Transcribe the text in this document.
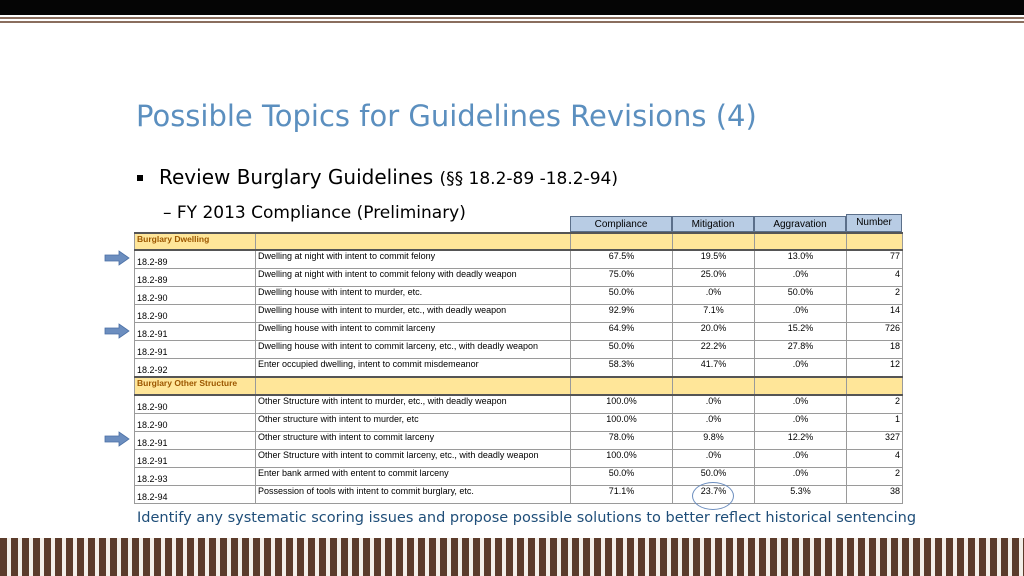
Possible Topics for Guidelines Revisions (4)
Review Burglary Guidelines (§§ 18.2-89 -18.2-94)
– FY 2013 Compliance (Preliminary)
Compliance	Mitigation	Aggravation	Number
Burglary Dwelling					
18.2-89	Dwelling at night with intent to commit felony	67.5%	19.5%	13.0%	77
18.2-89	Dwelling at night with intent to commit felony with deadly weapon	75.0%	25.0%	.0%	4
18.2-90	Dwelling house with intent to murder, etc.	50.0%	.0%	50.0%	2
18.2-90	Dwelling house with intent to murder, etc., with deadly weapon	92.9%	7.1%	.0%	14
18.2-91	Dwelling house with intent to commit larceny	64.9%	20.0%	15.2%	726
18.2-91	Dwelling house with intent to commit larceny, etc., with deadly weapon	50.0%	22.2%	27.8%	18
18.2-92	Enter occupied dwelling, intent to commit misdemeanor	58.3%	41.7%	.0%	12
Burglary Other Structure					
18.2-90	Other Structure with intent to murder, etc., with deadly weapon	100.0%	.0%	.0%	2
18.2-90	Other structure with intent to murder, etc	100.0%	.0%	.0%	1
18.2-91	Other structure with intent to commit larceny	78.0%	9.8%	12.2%	327
18.2-91	Other Structure with intent to commit larceny, etc., with deadly weapon	100.0%	.0%	.0%	4
18.2-93	Enter bank armed with entent to commit larceny	50.0%	50.0%	.0%	2
18.2-94	Possession of tools with intent to commit burglary, etc.	71.1%	23.7%	5.3%	38
Identify any systematic scoring issues and propose possible solutions to better reflect historical sentencing
